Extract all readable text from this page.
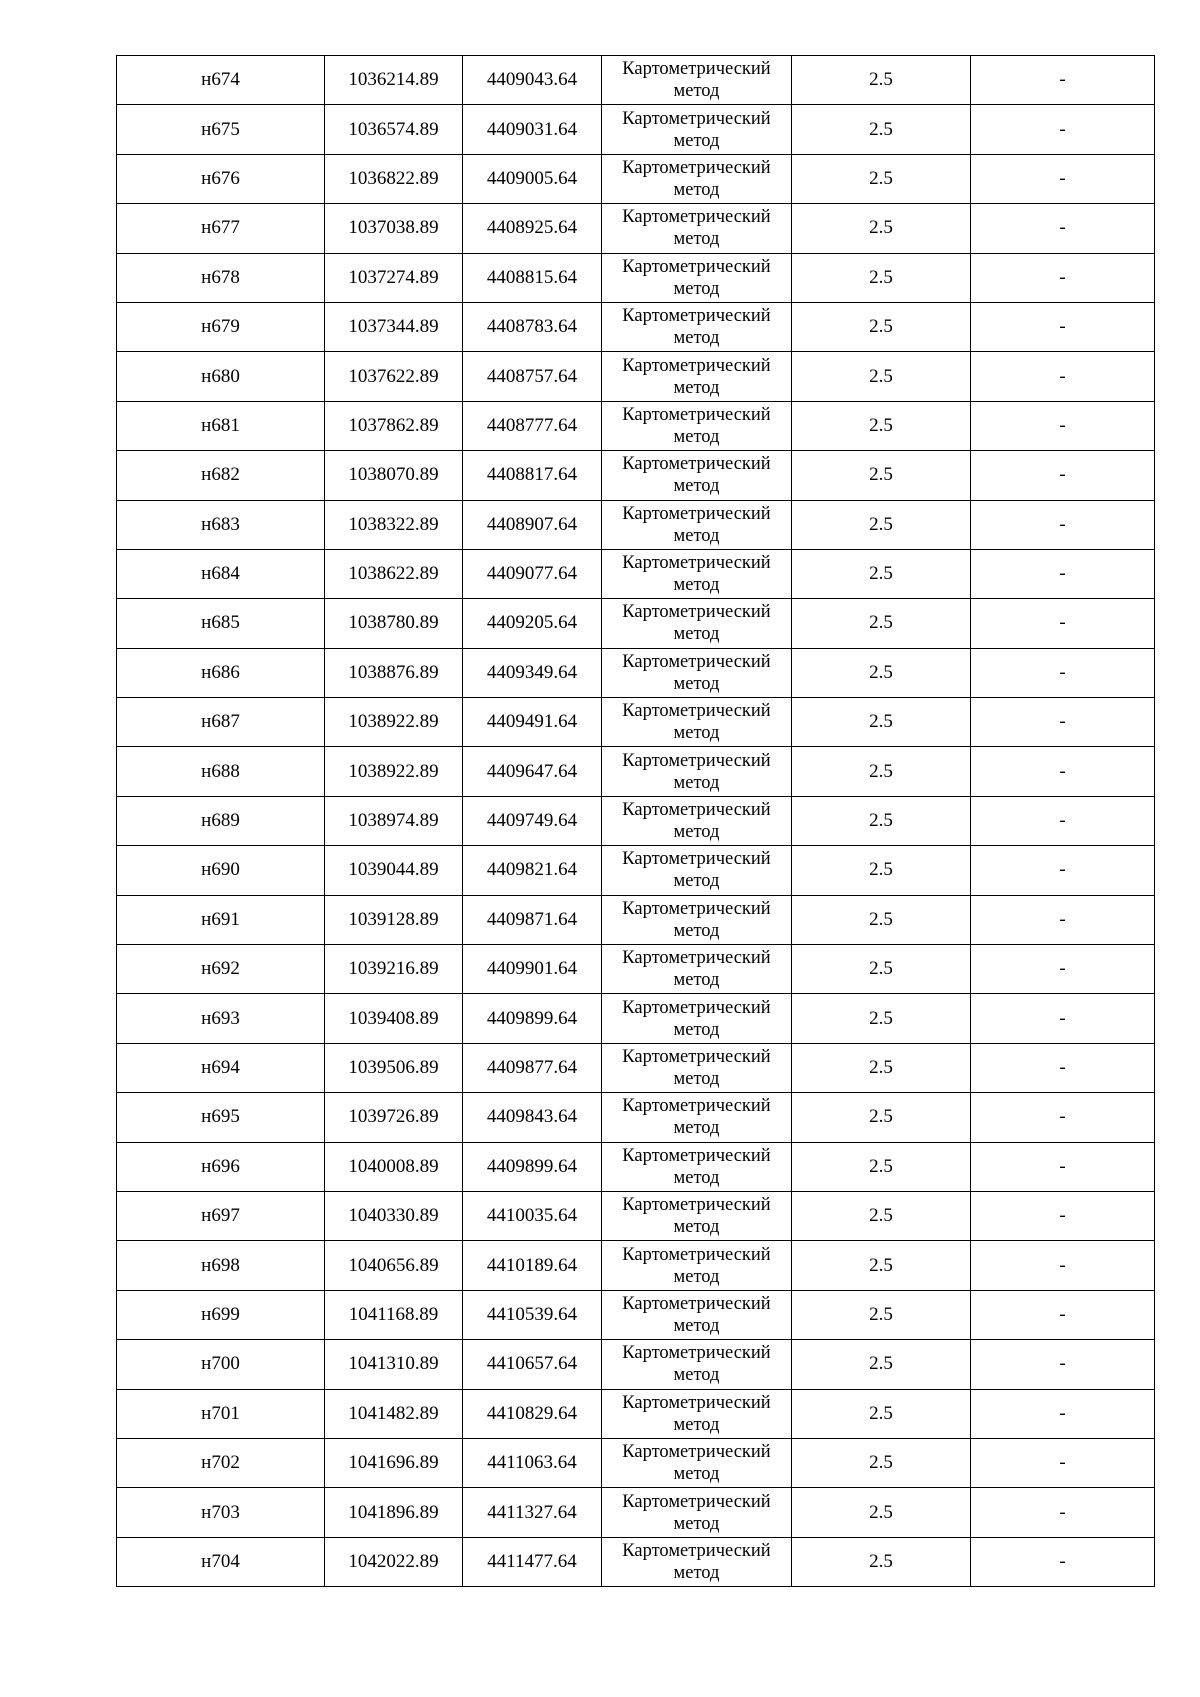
н674	1036214.89	4409043.64	Картометрический метод	2.5	-
н675	1036574.89	4409031.64	Картометрический метод	2.5	-
н676	1036822.89	4409005.64	Картометрический метод	2.5	-
н677	1037038.89	4408925.64	Картометрический метод	2.5	-
н678	1037274.89	4408815.64	Картометрический метод	2.5	-
н679	1037344.89	4408783.64	Картометрический метод	2.5	-
н680	1037622.89	4408757.64	Картометрический метод	2.5	-
н681	1037862.89	4408777.64	Картометрический метод	2.5	-
н682	1038070.89	4408817.64	Картометрический метод	2.5	-
н683	1038322.89	4408907.64	Картометрический метод	2.5	-
н684	1038622.89	4409077.64	Картометрический метод	2.5	-
н685	1038780.89	4409205.64	Картометрический метод	2.5	-
н686	1038876.89	4409349.64	Картометрический метод	2.5	-
н687	1038922.89	4409491.64	Картометрический метод	2.5	-
н688	1038922.89	4409647.64	Картометрический метод	2.5	-
н689	1038974.89	4409749.64	Картометрический метод	2.5	-
н690	1039044.89	4409821.64	Картометрический метод	2.5	-
н691	1039128.89	4409871.64	Картометрический метод	2.5	-
н692	1039216.89	4409901.64	Картометрический метод	2.5	-
н693	1039408.89	4409899.64	Картометрический метод	2.5	-
н694	1039506.89	4409877.64	Картометрический метод	2.5	-
н695	1039726.89	4409843.64	Картометрический метод	2.5	-
н696	1040008.89	4409899.64	Картометрический метод	2.5	-
н697	1040330.89	4410035.64	Картометрический метод	2.5	-
н698	1040656.89	4410189.64	Картометрический метод	2.5	-
н699	1041168.89	4410539.64	Картометрический метод	2.5	-
н700	1041310.89	4410657.64	Картометрический метод	2.5	-
н701	1041482.89	4410829.64	Картометрический метод	2.5	-
н702	1041696.89	4411063.64	Картометрический метод	2.5	-
н703	1041896.89	4411327.64	Картометрический метод	2.5	-
н704	1042022.89	4411477.64	Картометрический метод	2.5	-
